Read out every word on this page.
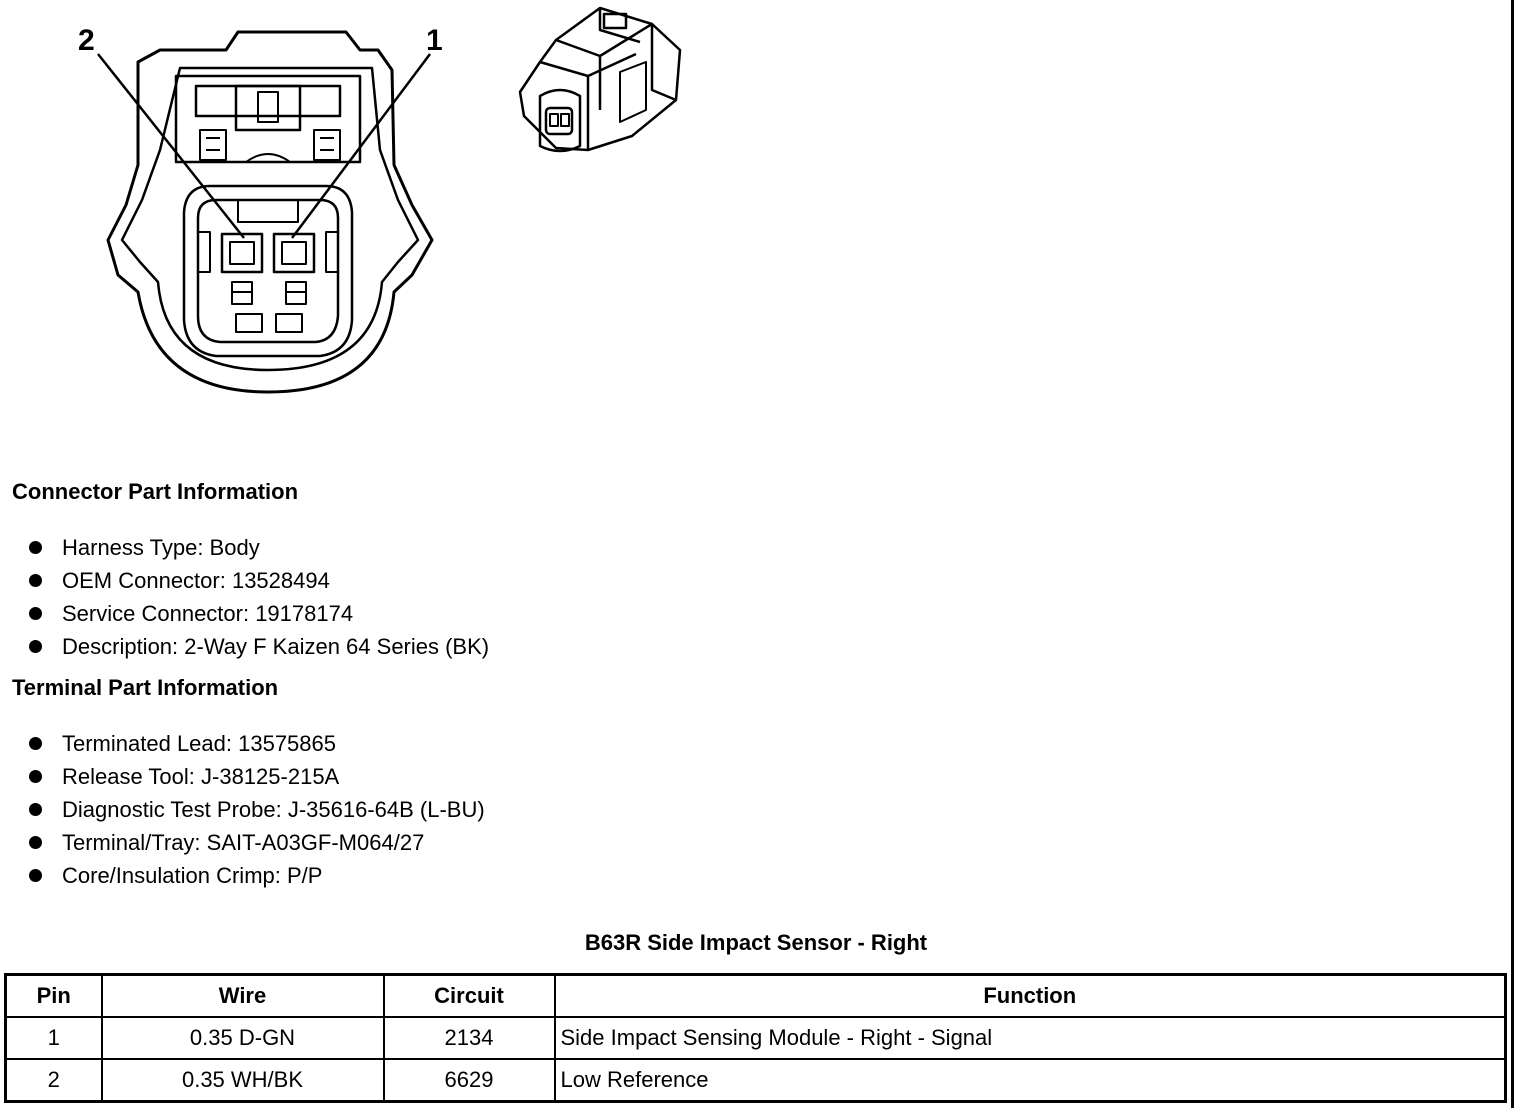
2	1
Connector Part Information
Harness Type: Body
OEM Connector: 13528494
Service Connector: 19178174
Description: 2-Way F Kaizen 64 Series (BK)
Terminal Part Information
Terminated Lead: 13575865
Release Tool: J-38125-215A
Diagnostic Test Probe: J-35616-64B (L-BU)
Terminal/Tray: SAIT-A03GF-M064/27
Core/Insulation Crimp: P/P
B63R Side Impact Sensor - Right
Pin	Wire	Circuit	Function
1	0.35 D-GN	2134	Side Impact Sensing Module - Right - Signal
2	0.35 WH/BK	6629	Low Reference
